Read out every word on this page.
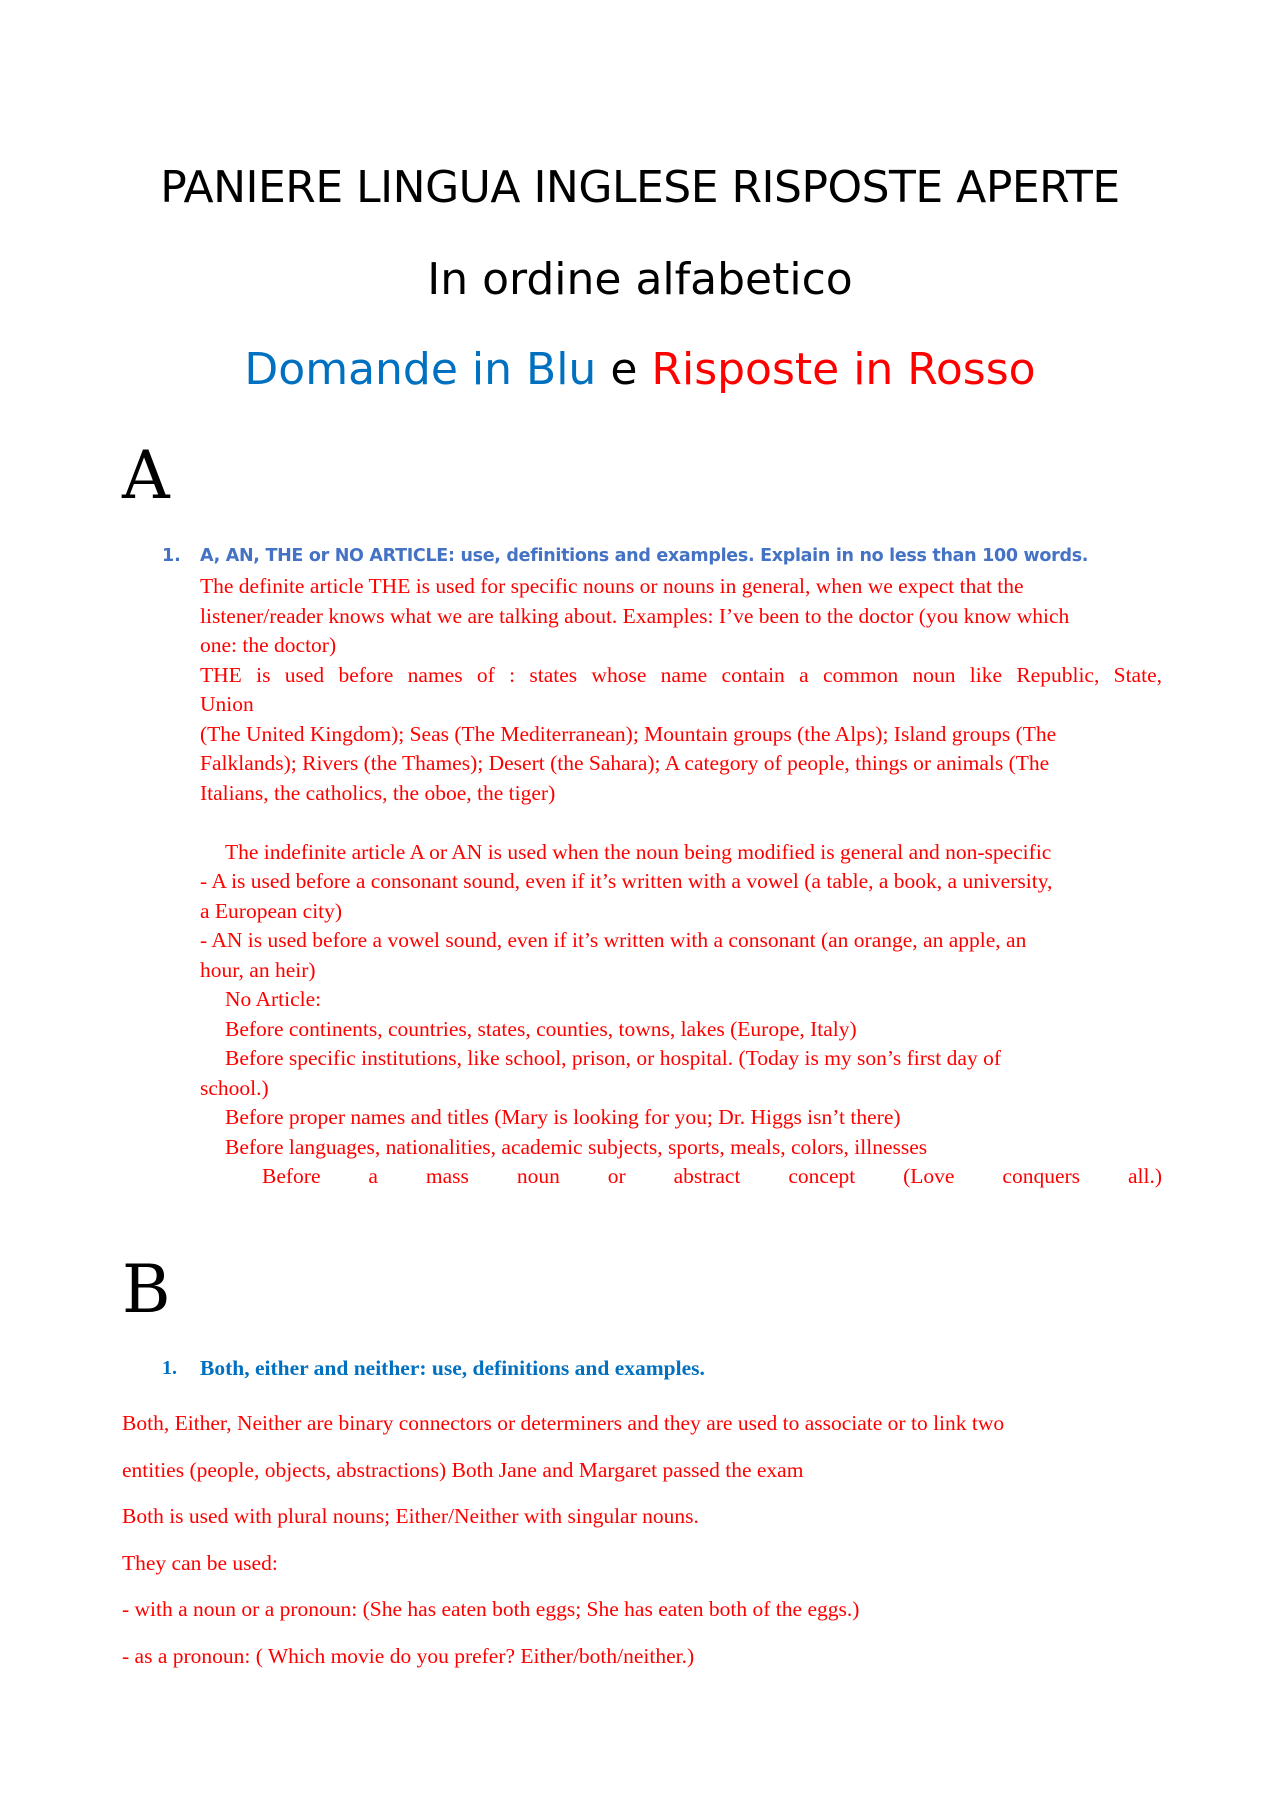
PANIERE LINGUA INGLESE RISPOSTE APERTE
In ordine alfabetico
Domande in Blu e Risposte in Rosso
A
1. A, AN, THE or NO ARTICLE: use, definitions and examples. Explain in no less than 100 words.

The definite article THE is used for specific nouns or nouns in general, when we expect that the

listener/reader knows what we are talking about. Examples: I’ve been to the doctor (you know which

one: the doctor)

THE is used before names of : states whose name contain a common noun like Republic, State,

Union

(The United Kingdom); Seas (The Mediterranean); Mountain groups (the Alps); Island groups (The

Falklands); Rivers (the Thames); Desert (the Sahara); A category of people, things or animals (The

Italians, the catholics, the oboe, the tiger)

The indefinite article A or AN is used when the noun being modified is general and non-specific

- A is used before a consonant sound, even if it’s written with a vowel (a table, a book, a university,

a European city)

- AN is used before a vowel sound, even if it’s written with a consonant (an orange, an apple, an

hour, an heir)

No Article:

Before continents, countries, states, counties, towns, lakes (Europe, Italy)

Before specific institutions, like school, prison, or hospital. (Today is my son’s first day of

school.)

Before proper names and titles (Mary is looking for you; Dr. Higgs isn’t there)

Before languages, nationalities, academic subjects, sports, meals, colors, illnesses

Before a mass noun or abstract concept (Love conquers all.)

B
1. Both, either and neither: use, definitions and examples.

Both, Either, Neither are binary connectors or determiners and they are used to associate or to link two

entities (people, objects, abstractions) Both Jane and Margaret passed the exam

Both is used with plural nouns; Either/Neither with singular nouns.

They can be used:

- with a noun or a pronoun: (She has eaten both eggs; She has eaten both of the eggs.)

- as a pronoun: ( Which movie do you prefer? Either/both/neither.)
